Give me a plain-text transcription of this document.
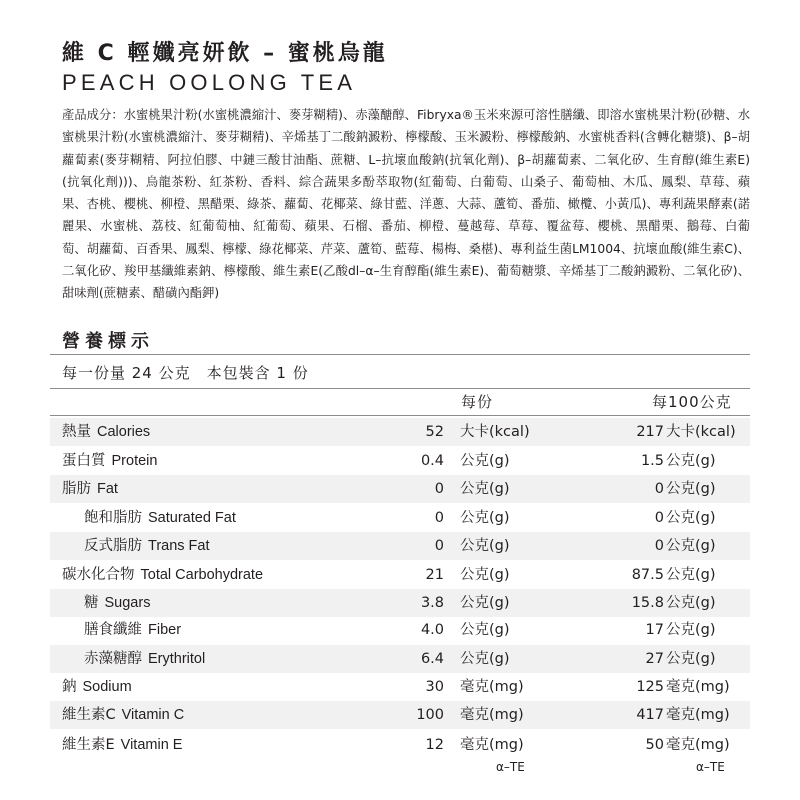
維 C 輕孅亮妍飲 – 蜜桃烏龍
PEACH OOLONG TEA
產品成分：水蜜桃果汁粉(水蜜桃濃縮汁、麥芽糊精)、赤藻醣醇、Fibryxa®玉米來源可溶性膳纖、即溶水蜜桃果汁粉(砂糖、水蜜桃果汁粉(水蜜桃濃縮汁、麥芽糊精)、辛烯基丁二酸鈉澱粉、檸檬酸、玉米澱粉、檸檬酸鈉、水蜜桃香料(含轉化糖漿)、β–胡蘿蔔素(麥芽糊精、阿拉伯膠、中鏈三酸甘油酯、蔗糖、L–抗壞血酸鈉(抗氧化劑)、β–胡蘿蔔素、二氧化矽、生育醇(維生素E)(抗氧化劑)))、烏龍茶粉、紅茶粉、香料、綜合蔬果多酚萃取物(紅葡萄、白葡萄、山桑子、葡萄柚、木瓜、鳳梨、草莓、蘋果、杏桃、櫻桃、柳橙、黑醋栗、綠茶、蘿蔔、花椰菜、綠甘藍、洋蔥、大蒜、蘆筍、番茄、橄欖、小黃瓜)、專利蔬果酵素(諾麗果、水蜜桃、荔枝、紅葡萄柚、紅葡萄、蘋果、石榴、番茄、柳橙、蔓越莓、草莓、覆盆莓、櫻桃、黑醋栗、鵝莓、白葡萄、胡蘿蔔、百香果、鳳梨、檸檬、綠花椰菜、芹菜、蘆筍、藍莓、楊梅、桑椹)、專利益生菌LM1004、抗壞血酸(維生素C)、二氧化矽、羧甲基纖維素鈉、檸檬酸、維生素E(乙酸dl–α–生育醇酯(維生素E)、葡萄糖漿、辛烯基丁二酸鈉澱粉、二氧化矽)、甜味劑(蔗糖素、醋磺內酯鉀)
營養標示
每一份量 24 公克　本包裝含 1 份
每份	每100公克
熱量 Calories	52 大卡(kcal)	217 大卡(kcal)
蛋白質 Protein	0.4 公克(g)	1.5 公克(g)
脂肪 Fat	0 公克(g)	0 公克(g)
飽和脂肪 Saturated Fat	0 公克(g)	0 公克(g)
反式脂肪 Trans Fat	0 公克(g)	0 公克(g)
碳水化合物 Total Carbohydrate	21 公克(g)	87.5 公克(g)
糖 Sugars	3.8 公克(g)	15.8 公克(g)
膳食纖維 Fiber	4.0 公克(g)	17 公克(g)
赤藻糖醇 Erythritol	6.4 公克(g)	27 公克(g)
鈉 Sodium	30 毫克(mg)	125 毫克(mg)
維生素C Vitamin C	100 毫克(mg)	417 毫克(mg)
維生素E Vitamin E	12 毫克(mg)	50 毫克(mg)
α–TE	α–TE
